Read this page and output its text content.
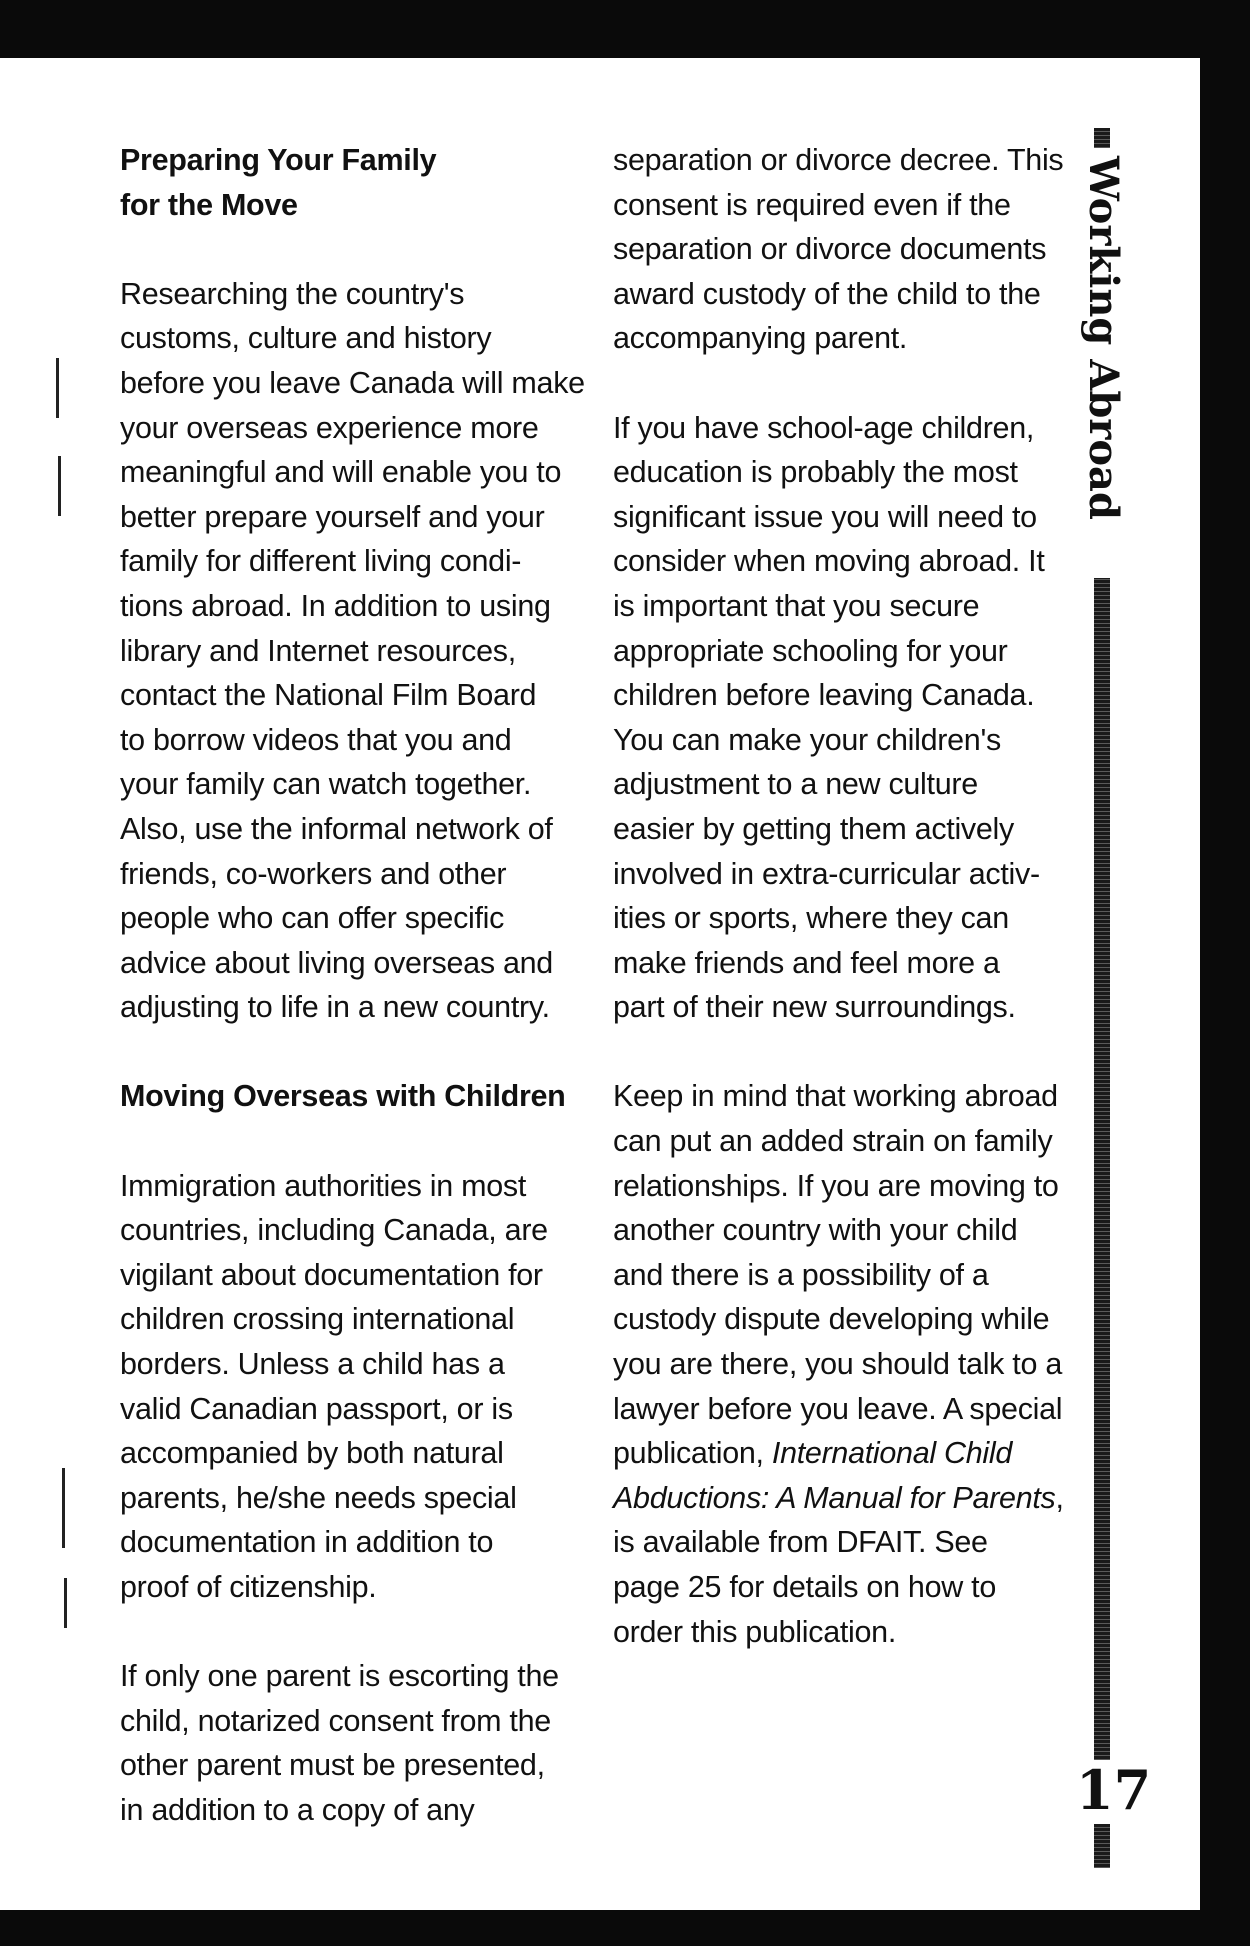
Preparing Your Family
for the Move

Researching the country's
customs, culture and history
before you leave Canada will make
your overseas experience more
meaningful and will enable you to
better prepare yourself and your
family for different living condi-
tions abroad. In addition to using
library and Internet resources,
contact the National Film Board
to borrow videos that you and
your family can watch together.
Also, use the informal network of
friends, co-workers and other
people who can offer specific
advice about living overseas and
adjusting to life in a new country.

Moving Overseas with Children

Immigration authorities in most
countries, including Canada, are
vigilant about documentation for
children crossing international
borders. Unless a child has a
valid Canadian passport, or is
accompanied by both natural
parents, he/she needs special
documentation in addition to
proof of citizenship.

If only one parent is escorting the
child, notarized consent from the
other parent must be presented,
in addition to a copy of any

separation or divorce decree. This
consent is required even if the
separation or divorce documents
award custody of the child to the
accompanying parent.

If you have school-age children,
education is probably the most
significant issue you will need to
consider when moving abroad. It
is important that you secure
appropriate schooling for your
children before leaving Canada.
You can make your children's
adjustment to a new culture
easier by getting them actively
involved in extra-curricular activ-
ities or sports, where they can
make friends and feel more a
part of their new surroundings.

Keep in mind that working abroad
can put an added strain on family
relationships. If you are moving to
another country with your child
and there is a possibility of a
custody dispute developing while
you are there, you should talk to a
lawyer before you leave. A special
publication, International Child
Abductions: A Manual for Parents,
is available from DFAIT. See
page 25 for details on how to
order this publication.

Working Abroad
17
